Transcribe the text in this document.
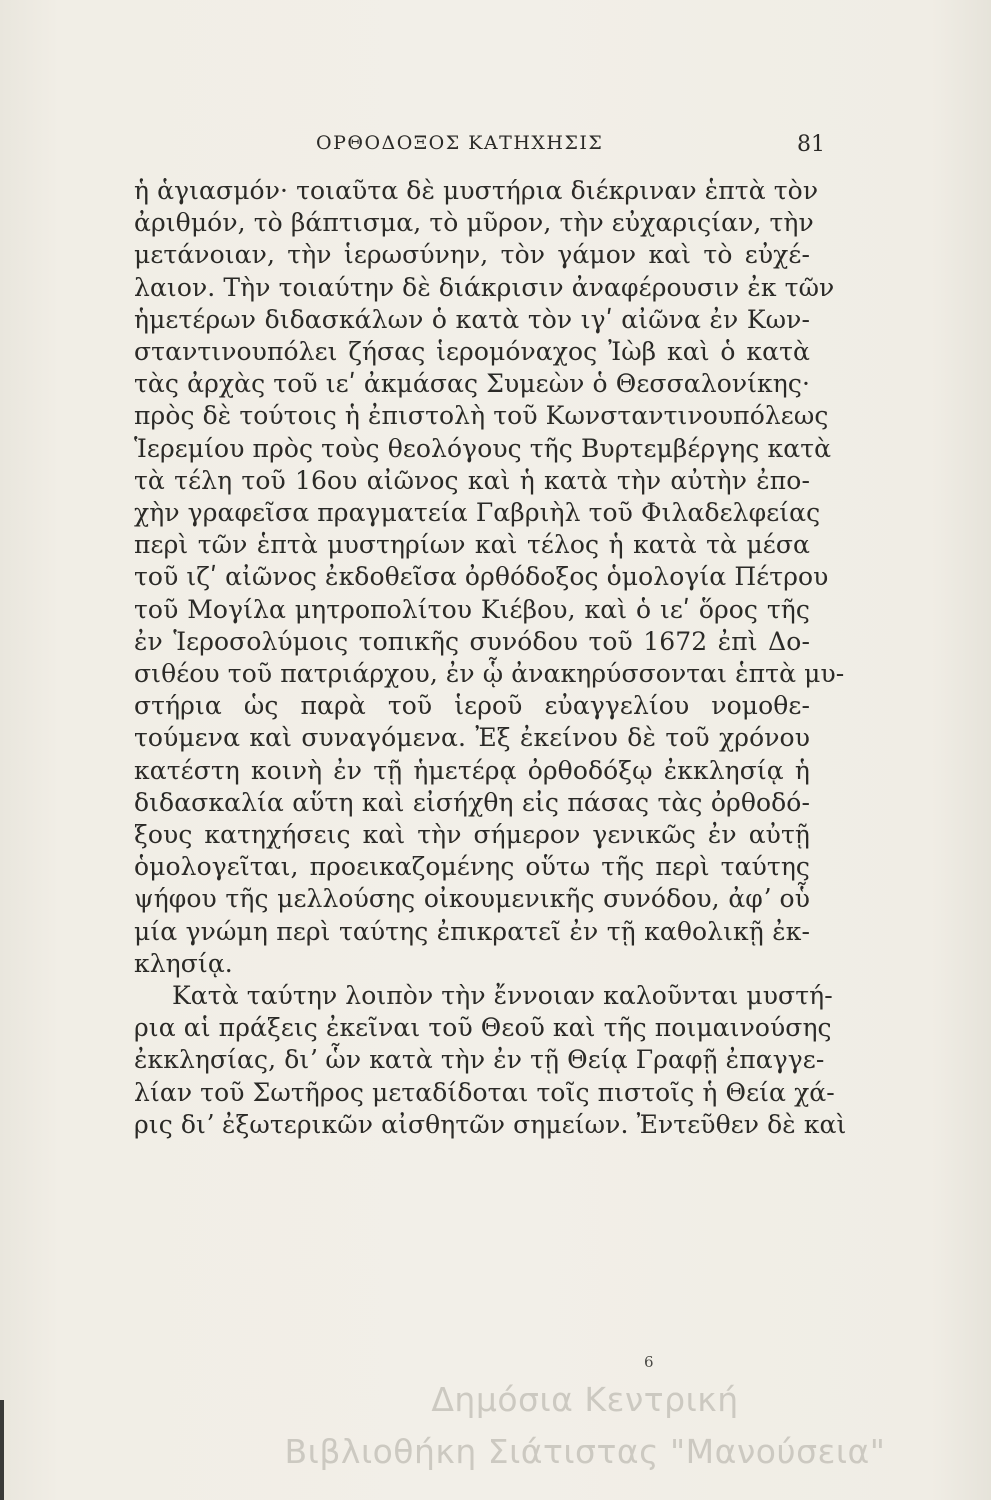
ΟΡΘΟΔΟΞΟΣ ΚΑΤΗΧΗΣΙΣ	81
ἡ ἁγιασμόν· τοιαῦτα δὲ μυστήρια διέκριναν ἑπτὰ τὸν
ἀριθμόν, τὸ βάπτισμα, τὸ μῦρον, τὴν εὐχαριςίαν, τὴν
μετάνοιαν, τὴν ἱερωσύνην, τὸν γάμον καὶ τὸ εὐχέ-
λαιον. Τὴν τοιαύτην δὲ διάκρισιν ἀναφέρουσιν ἐκ τῶν
ἡμετέρων διδασκάλων ὁ κατὰ τὸν ιγʹ αἰῶνα ἐν Κων-
σταντινουπόλει ζήσας ἱερομόναχος Ἰὼβ καὶ ὁ κατὰ
τὰς ἀρχὰς τοῦ ιεʹ ἀκμάσας Συμεὼν ὁ Θεσσαλονίκης·
πρὸς δὲ τούτοις ἡ ἐπιστολὴ τοῦ Κωνσταντινουπόλεως
Ἱερεμίου πρὸς τοὺς θεολόγους τῆς Βυρτεμβέργης κατὰ
τὰ τέλη τοῦ 16ου αἰῶνος καὶ ἡ κατὰ τὴν αὐτὴν ἐπο-
χὴν γραφεῖσα πραγματεία Γαβριὴλ τοῦ Φιλαδελφείας
περὶ τῶν ἑπτὰ μυστηρίων καὶ τέλος ἡ κατὰ τὰ μέσα
τοῦ ιζʹ αἰῶνος ἐκδοθεῖσα ὀρθόδοξος ὁμολογία Πέτρου
τοῦ Μογίλα μητροπολίτου Κιέβου, καὶ ὁ ιεʹ ὅρος τῆς
ἐν Ἱεροσολύμοις τοπικῆς συνόδου τοῦ 1672 ἐπὶ Δο-
σιθέου τοῦ πατριάρχου, ἐν ᾧ ἀνακηρύσσονται ἑπτὰ μυ-
στήρια ὡς παρὰ τοῦ ἱεροῦ εὐαγγελίου νομοθε-
τούμενα καὶ συναγόμενα. Ἐξ ἐκείνου δὲ τοῦ χρόνου
κατέστη κοινὴ ἐν τῇ ἡμετέρᾳ ὀρθοδόξῳ ἐκκλησίᾳ ἡ
διδασκαλία αὕτη καὶ εἰσήχθη εἰς πάσας τὰς ὀρθοδό-
ξους κατηχήσεις καὶ τὴν σήμερον γενικῶς ἐν αὐτῇ
ὁμολογεῖται, προεικαζομένης οὕτω τῆς περὶ ταύτης
ψήφου τῆς μελλούσης οἰκουμενικῆς συνόδου, ἀφʼ οὗ
μία γνώμη περὶ ταύτης ἐπικρατεῖ ἐν τῇ καθολικῇ ἐκ-
κλησίᾳ.
Κατὰ ταύτην λοιπὸν τὴν ἔννοιαν καλοῦνται μυστή-
ρια αἱ πράξεις ἐκεῖναι τοῦ Θεοῦ καὶ τῆς ποιμαινούσης
ἐκκλησίας, διʼ ὧν κατὰ τὴν ἐν τῇ Θείᾳ Γραφῇ ἐπαγγε-
λίαν τοῦ Σωτῆρος μεταδίδοται τοῖς πιστοῖς ἡ Θεία χά-
ρις διʼ ἐξωτερικῶν αἰσθητῶν σημείων. Ἐντεῦθεν δὲ καὶ
6
Δημόσια Κεντρική
Βιβλιοθήκη Σιάτιστας "Μανούσεια"
